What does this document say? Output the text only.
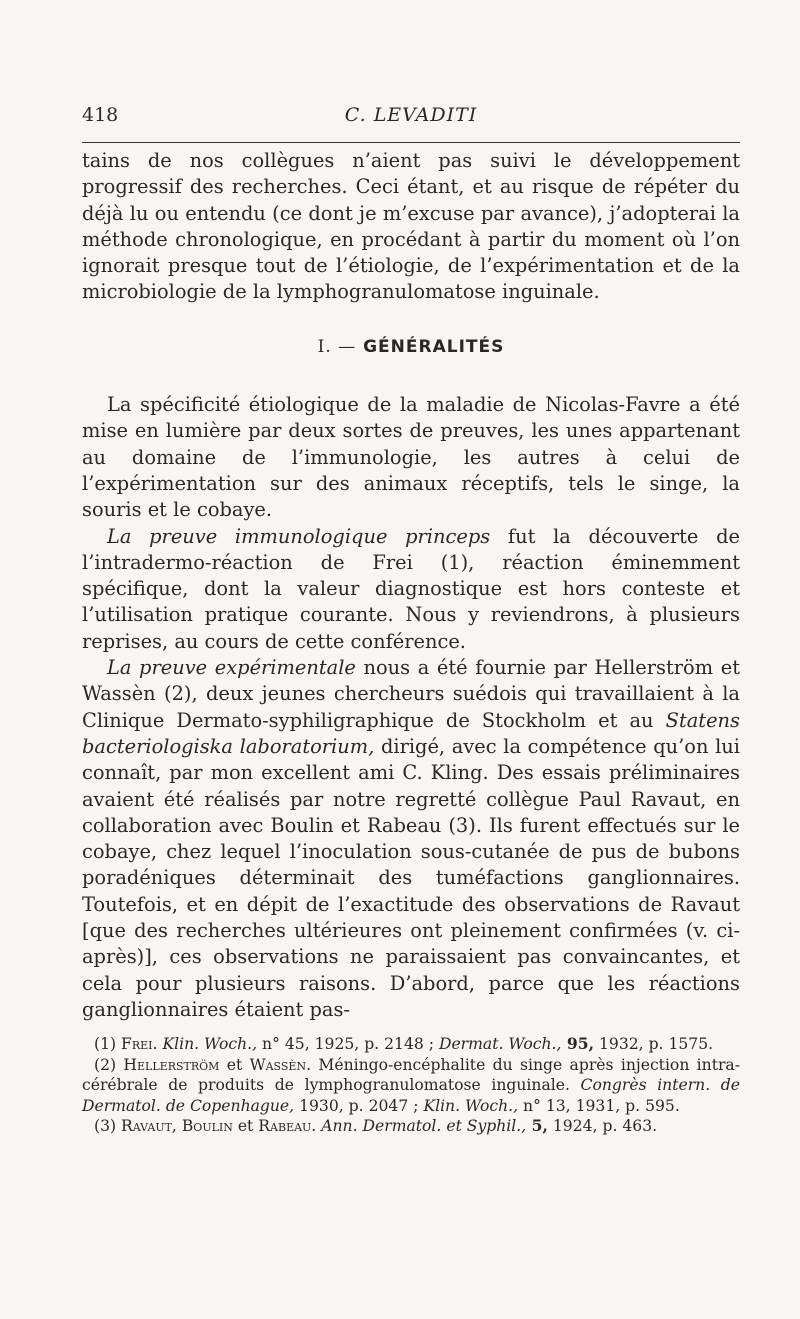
418	C. LEVADITI

tains de nos collègues n’aient pas suivi le développement progressif des recherches. Ceci étant, et au risque de répéter du déjà lu ou entendu (ce dont je m’excuse par avance), j’adopterai la méthode chronologique, en procédant à partir du moment où l’on ignorait presque tout de l’étiologie, de l’expérimentation et de la microbiologie de la lymphogranulomatose inguinale.

I. — GÉNÉRALITÉS

La spécificité étiologique de la maladie de Nicolas-Favre a été mise en lumière par deux sortes de preuves, les unes appartenant au domaine de l’immunologie, les autres à celui de l’expérimentation sur des animaux réceptifs, tels le singe, la souris et le cobaye.

La preuve immunologique princeps fut la découverte de l’intradermo-réaction de Frei (1), réaction éminemment spécifique, dont la valeur diagnostique est hors conteste et l’utilisation pratique courante. Nous y reviendrons, à plusieurs reprises, au cours de cette conférence.

La preuve expérimentale nous a été fournie par Hellerström et Wassèn (2), deux jeunes chercheurs suédois qui travaillaient à la Clinique Dermato-syphiligraphique de Stockholm et au Statens bacteriologiska laboratorium, dirigé, avec la compétence qu’on lui connaît, par mon excellent ami C. Kling. Des essais préliminaires avaient été réalisés par notre regretté collègue Paul Ravaut, en collaboration avec Boulin et Rabeau (3). Ils furent effectués sur le cobaye, chez lequel l’inoculation sous-cutanée de pus de bubons poradéniques déterminait des tuméfactions ganglionnaires. Toutefois, et en dépit de l’exactitude des observations de Ravaut [que des recherches ultérieures ont pleinement confirmées (v. ci-après)], ces observations ne paraissaient pas convaincantes, et cela pour plusieurs raisons. D’abord, parce que les réactions ganglionnaires étaient pas-

(1) Frei. Klin. Woch., n° 45, 1925, p. 2148 ; Dermat. Woch., 95, 1932, p. 1575.

(2) Hellerström et Wassèn. Méningo-encéphalite du singe après injection intra-cérébrale de produits de lymphogranulomatose inguinale. Congrès intern. de Dermatol. de Copenhague, 1930, p. 2047 ; Klin. Woch., n° 13, 1931, p. 595.

(3) Ravaut, Boulin et Rabeau. Ann. Dermatol. et Syphil., 5, 1924, p. 463.
